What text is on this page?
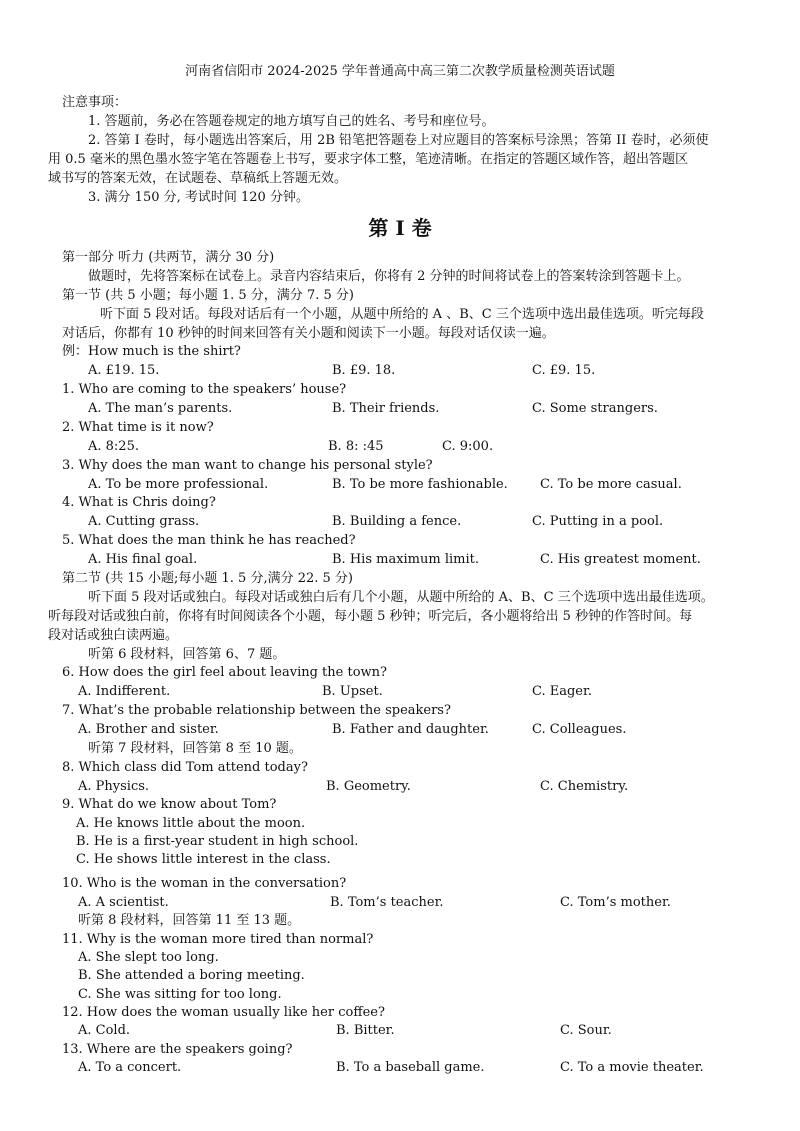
河南省信阳市 2024-2025 学年普通高中高三第二次教学质量检测英语试题
注意事项：
1. 答题前，务必在答题卷规定的地方填写自己的姓名、考号和座位号。
2. 答第 I 卷时，每小题选出答案后，用 2B 铅笔把答题卷上对应题目的答案标号涂黑；答第 II 卷时，必须使
用 0.5 毫米的黑色墨水签字笔在答题卷上书写，要求字体工整，笔迹清晰。在指定的答题区域作答，超出答题区
域书写的答案无效，在试题卷、草稿纸上答题无效。
3. 满分 150 分, 考试时间 120 分钟。
第 I 卷
第一部分 听力 (共两节，满分 30 分)
做题时，先将答案标在试卷上。录音内容结束后，你将有 2 分钟的时间将试卷上的答案转涂到答题卡上。
第一节 (共 5 小题；每小题 1. 5 分，满分 7. 5 分)
听下面 5 段对话。每段对话后有一个小题，从题中所给的 A 、B、C 三个选项中选出最佳选项。听完每段
对话后，你都有 10 秒钟的时间来回答有关小题和阅读下一小题。每段对话仅读一遍。
例：How much is the shirt?
A. £19. 15.	B. £9. 18.	C. £9. 15.
1. Who are coming to the speakers’ house?
A. The man’s parents.	B. Their friends.	C. Some strangers.
2. What time is it now?
A. 8:25.	B. 8: :45	C. 9:00.
3. Why does the man want to change his personal style?
A. To be more professional.	B. To be more fashionable. C. To be more casual.
4. What is Chris doing?
A. Cutting grass.	B. Building a fence.	C. Putting in a pool.
5. What does the man think he has reached?
A. His final goal.	B. His maximum limit.	C. His greatest moment.
第二节 (共 15 小题;每小题 1. 5 分,满分 22. 5 分)
听下面 5 段对话或独白。每段对话或独白后有几个小题，从题中所给的 A、B、C 三个选项中选出最佳选项。
听每段对话或独白前，你将有时间阅读各个小题，每小题 5 秒钟；听完后，各小题将给出 5 秒钟的作答时间。每
段对话或独白读两遍。
听第 6 段材料，回答第 6、7 题。
6. How does the girl feel about leaving the town?
A. Indifferent.	B. Upset.	C. Eager.
7. What’s the probable relationship between the speakers?
A. Brother and sister.	B. Father and daughter.	C. Colleagues.
听第 7 段材料，回答第 8 至 10 题。
8. Which class did Tom attend today?
A. Physics.	B. Geometry.	C. Chemistry.
9. What do we know about Tom?
A. He knows little about the moon.
B. He is a first-year student in high school.
C. He shows little interest in the class.
10. Who is the woman in the conversation?
A. A scientist.	B. Tom’s teacher.	C. Tom’s mother.
听第 8 段材料，回答第 11 至 13 题。
11. Why is the woman more tired than normal?
A. She slept too long.
B. She attended a boring meeting.
C. She was sitting for too long.
12. How does the woman usually like her coffee?
A. Cold.	B. Bitter.	C. Sour.
13. Where are the speakers going?
A. To a concert.	B. To a baseball game.	C. To a movie theater.
